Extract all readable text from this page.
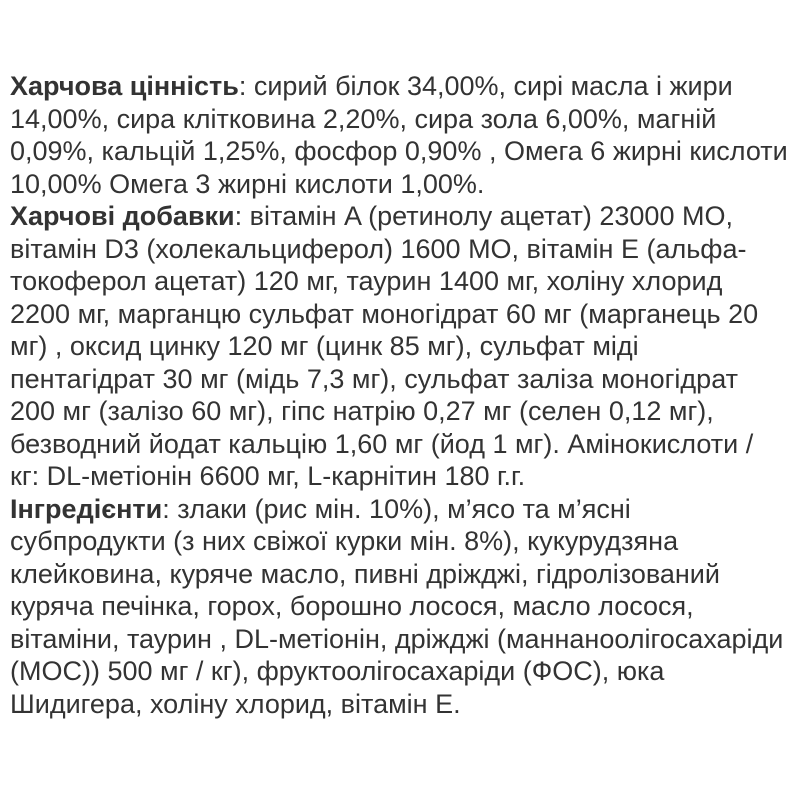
Харчова цінність: сирий білок 34,00%, сирі масла і жири 14,00%, сира клітковина 2,20%, сира зола 6,00%, магній 0,09%, кальцій 1,25%, фосфор 0,90% , Омега 6 жирні кислоти 10,00% Омега 3 жирні кислоти 1,00%.

Харчові добавки: вітамін A (ретинолу ацетат) 23000 МО, вітамін D3 (холекальциферол) 1600 МО, вітамін E (альфа-токоферол ацетат) 120 мг, таурин 1400 мг, холіну хлорид 2200 мг, марганцю сульфат моногідрат 60 мг (марганець 20 мг) , оксид цинку 120 мг (цинк 85 мг), сульфат міді пентагідрат 30 мг (мідь 7,3 мг), сульфат заліза моногідрат 200 мг (залізо 60 мг), гіпс натрію 0,27 мг (селен 0,12 мг), безводний йодат кальцію 1,60 мг (йод 1 мг). Амінокислоти / кг: DL-метіонін 6600 мг, L-карнітин 180 г.г.

Інгредієнти: злаки (рис мін. 10%), м’ясо та м’ясні субпродукти (з них свіжої курки мін. 8%), кукурудзяна клейковина, куряче масло, пивні дріжджі, гідролізований куряча печінка, горох, борошно лосося, масло лосося, вітаміни, таурин , DL-метіонін, дріжджі (маннаноолігосахаріди (МОС)) 500 мг / кг), фруктоолігосахаріди (ФОС), юка Шидигера, холіну хлорид, вітамін E.
